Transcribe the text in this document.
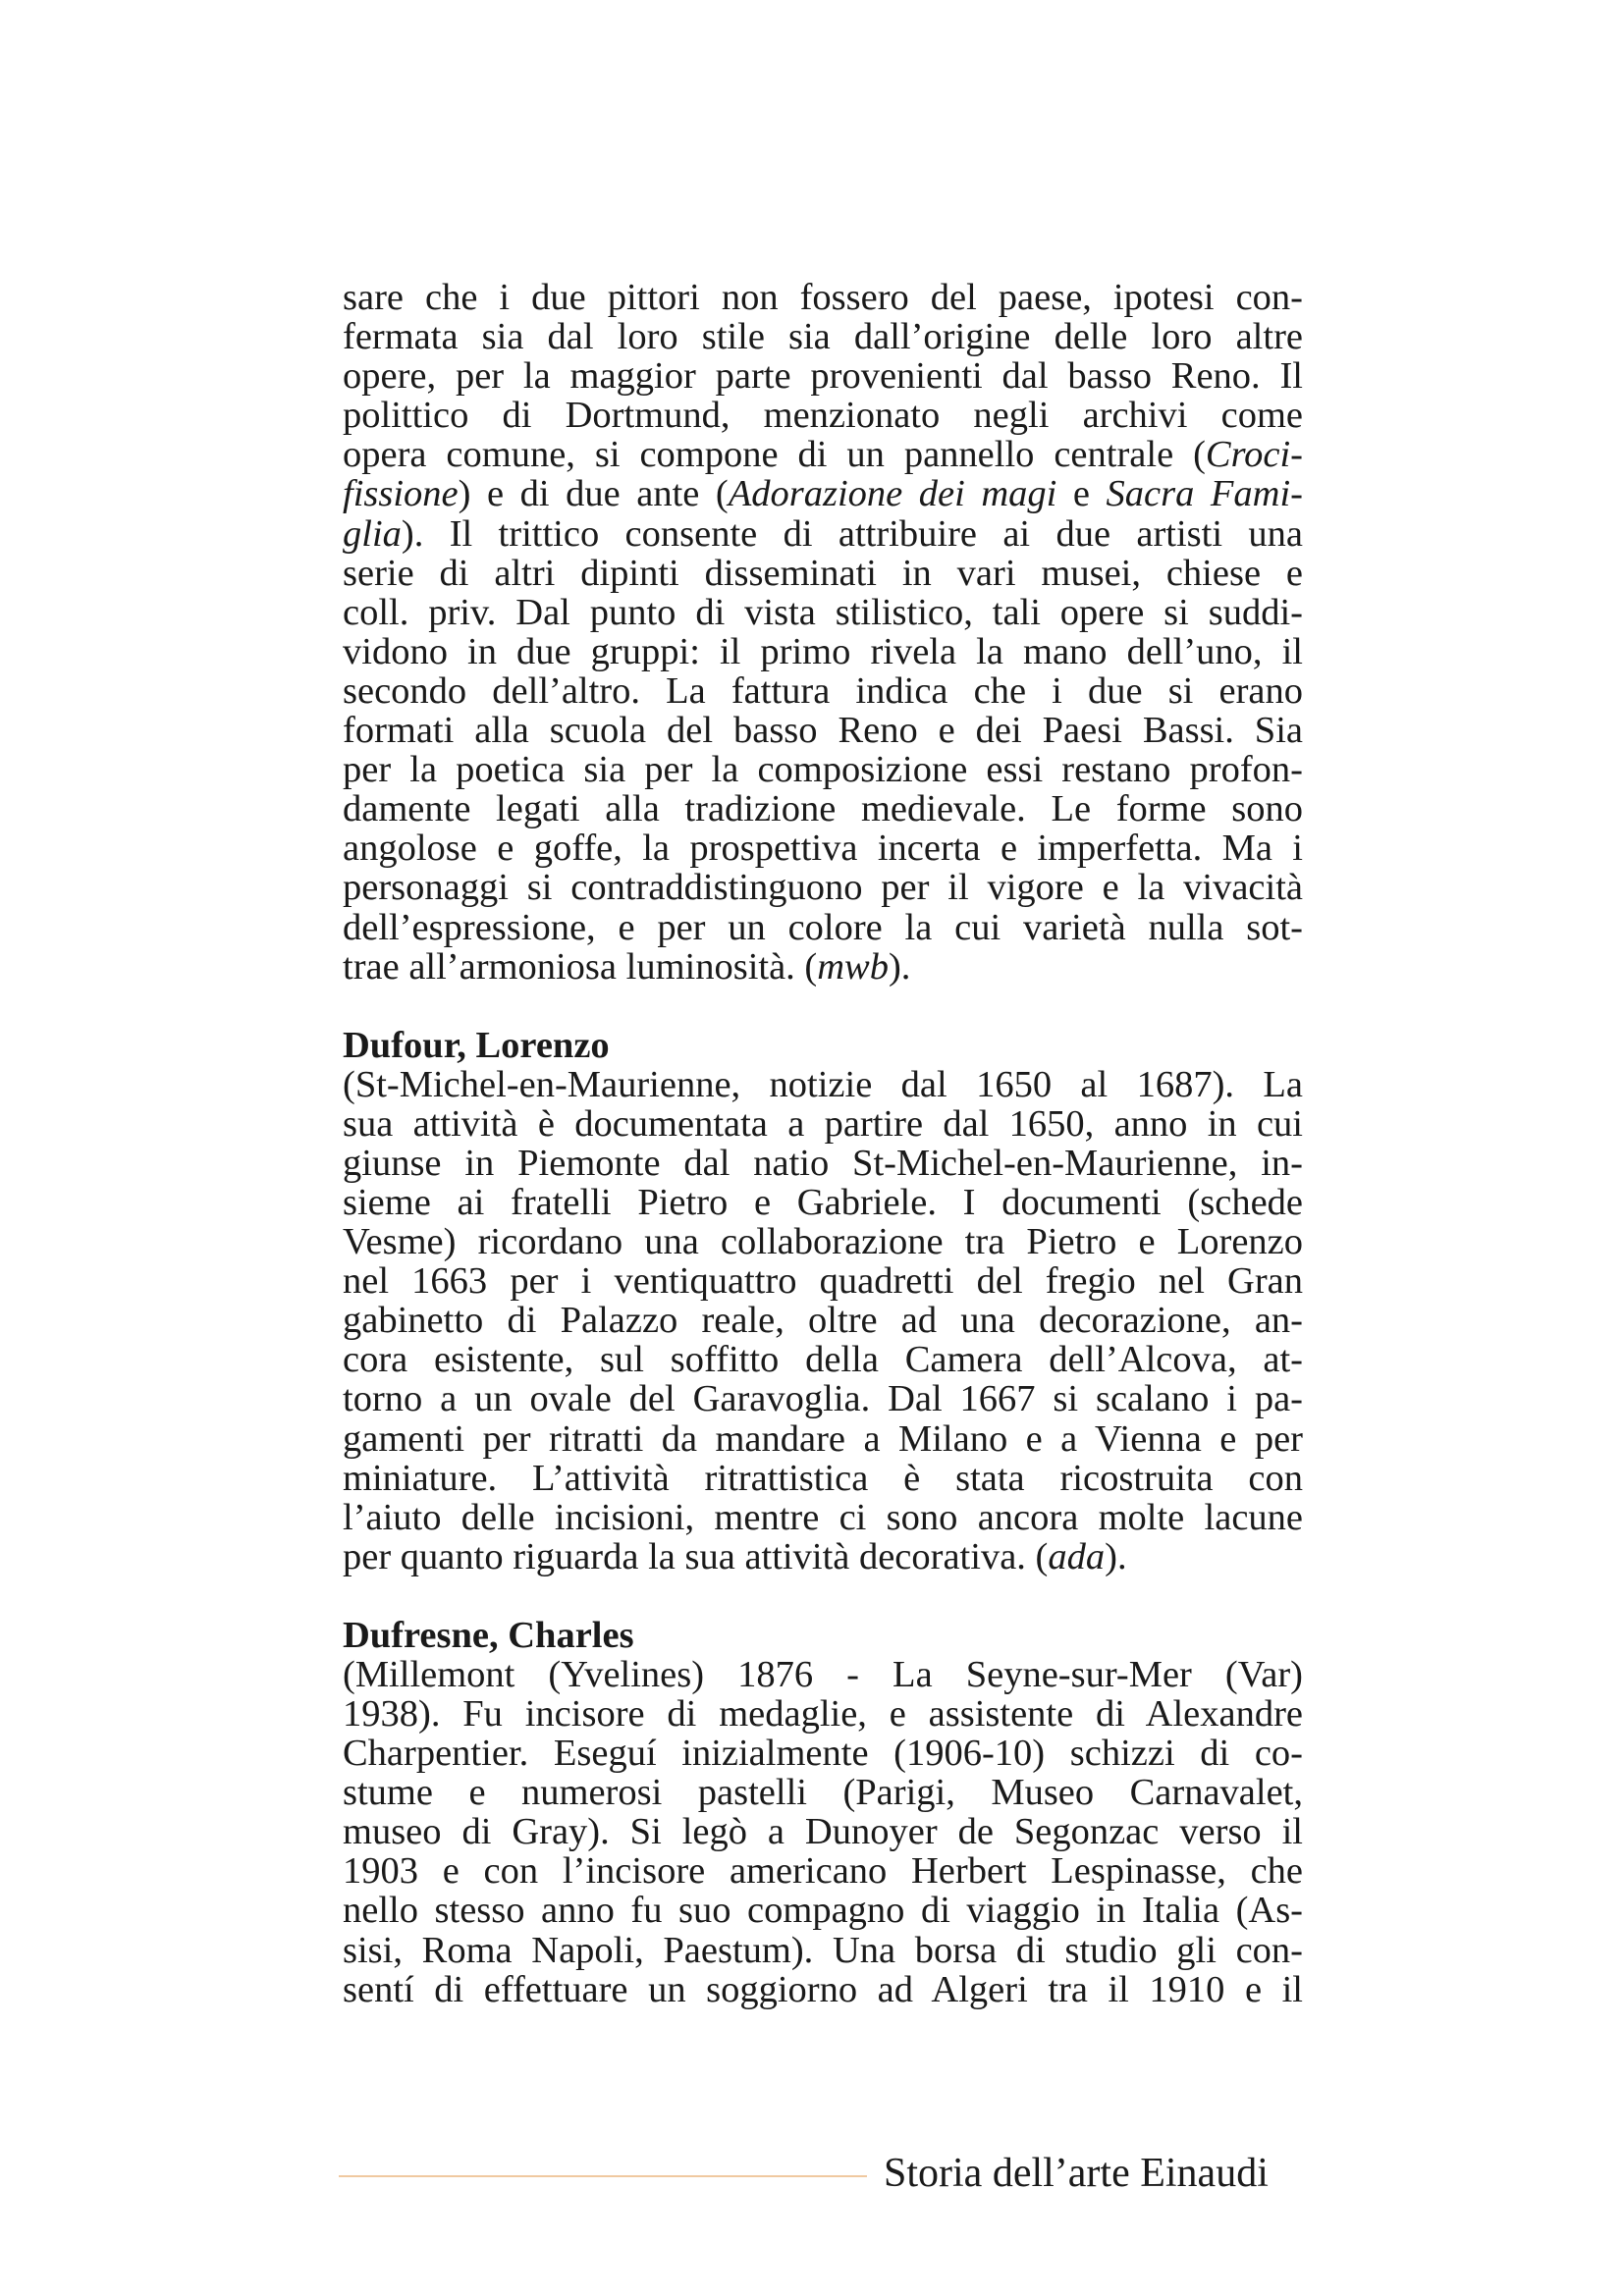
sare che i due pittori non fossero del paese, ipotesi con-
fermata sia dal loro stile sia dall’origine delle loro altre
opere, per la maggior parte provenienti dal basso Reno. Il
polittico di Dortmund, menzionato negli archivi come
opera comune, si compone di un pannello centrale (Croci-
fissione) e di due ante (Adorazione dei magi e Sacra Fami-
glia). Il trittico consente di attribuire ai due artisti una
serie di altri dipinti disseminati in vari musei, chiese e
coll. priv. Dal punto di vista stilistico, tali opere si suddi-
vidono in due gruppi: il primo rivela la mano dell’uno, il
secondo dell’altro. La fattura indica che i due si erano
formati alla scuola del basso Reno e dei Paesi Bassi. Sia
per la poetica sia per la composizione essi restano profon-
damente legati alla tradizione medievale. Le forme sono
angolose e goffe, la prospettiva incerta e imperfetta. Ma i
personaggi si contraddistinguono per il vigore e la vivacità
dell’espressione, e per un colore la cui varietà nulla sot-
trae all’armoniosa luminosità. (mwb).
Dufour, Lorenzo
(St-Michel-en-Maurienne, notizie dal 1650 al 1687). La
sua attività è documentata a partire dal 1650, anno in cui
giunse in Piemonte dal natio St-Michel-en-Maurienne, in-
sieme ai fratelli Pietro e Gabriele. I documenti (schede
Vesme) ricordano una collaborazione tra Pietro e Lorenzo
nel 1663 per i ventiquattro quadretti del fregio nel Gran
gabinetto di Palazzo reale, oltre ad una decorazione, an-
cora esistente, sul soffitto della Camera dell’Alcova, at-
torno a un ovale del Garavoglia. Dal 1667 si scalano i pa-
gamenti per ritratti da mandare a Milano e a Vienna e per
miniature. L’attività ritrattistica è stata ricostruita con
l’aiuto delle incisioni, mentre ci sono ancora molte lacune
per quanto riguarda la sua attività decorativa. (ada).
Dufresne, Charles
(Millemont (Yvelines) 1876 - La Seyne-sur-Mer (Var)
1938). Fu incisore di medaglie, e assistente di Alexandre
Charpentier. Eseguí inizialmente (1906-10) schizzi di co-
stume e numerosi pastelli (Parigi, Museo Carnavalet,
museo di Gray). Si legò a Dunoyer de Segonzac verso il
1903 e con l’incisore americano Herbert Lespinasse, che
nello stesso anno fu suo compagno di viaggio in Italia (As-
sisi, Roma Napoli, Paestum). Una borsa di studio gli con-
sentí di effettuare un soggiorno ad Algeri tra il 1910 e il
Storia dell’arte Einaudi
